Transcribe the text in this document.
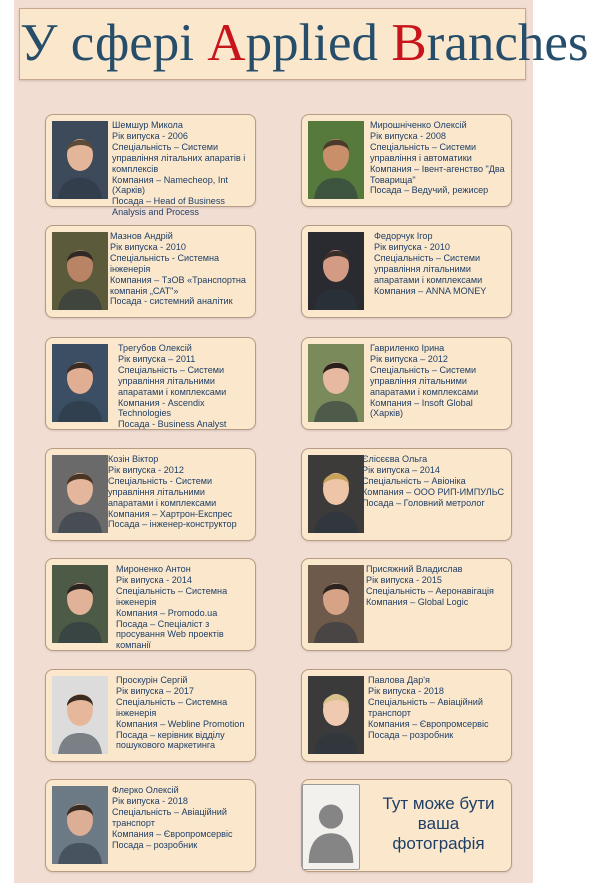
У сфері Applied Branches
Шемшур Микола
Рік випуска - 2006
Спеціальність – Системи управління літальних апаратів і комплексів
Компания – Namecheop, Int (Харків)
Посада – Head of Business Analysis and Process
Мирошніченко Олексій
Рік випуска - 2008
Спеціальність – Системи управління і автоматики
Компания – Івент-агенство "Два Товарища"
Посада – Ведучий, режисер
Мазнов Андрій
Рік випуска - 2010
Спеціальність - Системна інженерія
Компания – ТзОВ «Транспортна компанія „САТ"»
Посада - системний аналітик
Федорчук Ігор
Рік випуска - 2010
Спеціальність – Системи управління літальними апаратами і комплексами
Компания – ANNA MONEY
Трегубов Олексій
Рік випуска – 2011
Спеціальність – Системи управління літальними апаратами і комплексами
Компания - Ascendix Technologies
Посада - Business Analyst
Гавриленко Ірина
Рік випуска – 2012
Спеціальність – Системи управління літальними апаратами і комплексами
Компания – Insoft Global (Харків)
Козін Віктор
Рік випуска - 2012
Спеціальність - Системи управління літальними апаратами і комплексами
Компания – Хартрон-Експрес
Посада – інженер-конструктор
Єлісєєва Ольга
Рік випуска – 2014
Спеціальність – Авіоніка
Компания – ООО РИП-ИМПУЛЬС
Посада – Головний метролог
Мироненко Антон
Рік випуска - 2014
Спеціальність – Системна інженерія
Компания – Promodo.ua
Посада – Спеціаліст з просування Web проектів компанії
Присяжний Владислав
Рік випуска - 2015
Спеціальність – Аеронавігація
Компания – Global Logic
Проскурін Сергій
Рік випуска – 2017
Спеціальність – Системна інженерія
Компания – Webline Promotion
Посада – керівник відділу пошукового маркетинга
Павлова Дар'я
Рік випуска - 2018
Спеціальність – Авіаційний транспорт
Компания – Європромсервіс
Посада – розробник
Флерко Олексій
Рік випуска - 2018
Спеціальність – Авіаційний транспорт
Компания – Європромсервіс
Посада – розробник
Тут може бути ваша фотографія
